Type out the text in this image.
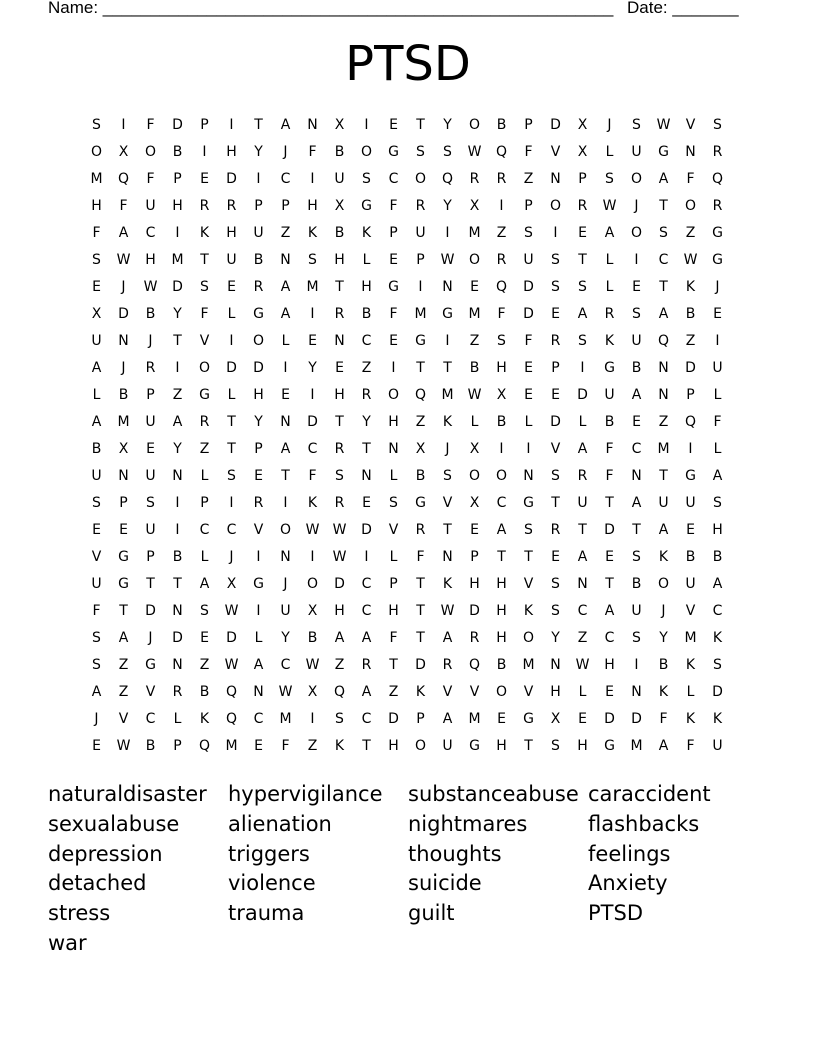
Name: ______________________________________________________ Date: _______
PTSD
S	I	F	D	P	I	T	A	N	X	I	E	T	Y	O	B	P	D	X	J	S	W	V	S
O	X	O	B	I	H	Y	J	F	B	O	G	S	S	W	Q	F	V	X	L	U	G	N	R
M	Q	F	P	E	D	I	C	I	U	S	C	O	Q	R	R	Z	N	P	S	O	A	F	Q
H	F	U	H	R	R	P	P	H	X	G	F	R	Y	X	I	P	O	R	W	J	T	O	R
F	A	C	I	K	H	U	Z	K	B	K	P	U	I	M	Z	S	I	E	A	O	S	Z	G
S	W	H	M	T	U	B	N	S	H	L	E	P	W	O	R	U	S	T	L	I	C	W	G
E	J	W	D	S	E	R	A	M	T	H	G	I	N	E	Q	D	S	S	L	E	T	K	J
X	D	B	Y	F	L	G	A	I	R	B	F	M	G	M	F	D	E	A	R	S	A	B	E
U	N	J	T	V	I	O	L	E	N	C	E	G	I	Z	S	F	R	S	K	U	Q	Z	I
A	J	R	I	O	D	D	I	Y	E	Z	I	T	T	B	H	E	P	I	G	B	N	D	U
L	B	P	Z	G	L	H	E	I	H	R	O	Q	M	W	X	E	E	D	U	A	N	P	L
A	M	U	A	R	T	Y	N	D	T	Y	H	Z	K	L	B	L	D	L	B	E	Z	Q	F
B	X	E	Y	Z	T	P	A	C	R	T	N	X	J	X	I	I	V	A	F	C	M	I	L
U	N	U	N	L	S	E	T	F	S	N	L	B	S	O	O	N	S	R	F	N	T	G	A
S	P	S	I	P	I	R	I	K	R	E	S	G	V	X	C	G	T	U	T	A	U	U	S
E	E	U	I	C	C	V	O	W W	D	V	R	T	E	A	S	R	T	D	T	A	E	H
V	G	P	B	L	J	I	N	I	W	I	L	F	N	P	T	T	E	A	E	S	K	B	B
U	G	T	T	A	X	G	J	O	D	C	P	T	K	H	H	V	S	N	T	B	O	U	A
F	T	D	N	S	W	I	U	X	H	C	H	T	W	D	H	K	S	C	A	U	J	V	C
S	A	J	D	E	D	L	Y	B	A	A	F	T	A	R	H	O	Y	Z	C	S	Y	M	K
S	Z	G	N	Z	W	A	C	W	Z	R	T	D	R	Q	B	M	N	W	H	I	B	K	S
A	Z	V	R	B	Q	N	W	X	Q	A	Z	K	V	V	O	V	H	L	E	N	K	L	D
J	V	C	L	K	Q	C	M	I	S	C	D	P	A	M	E	G	X	E	D	D	F	K	K
E	W	B	P	Q	M	E	F	Z	K	T	H	O	U	G	H	T	S	H	G	M	A	F	U
naturaldisaster	hypervigilance	substanceabuse caraccident
sexualabuse	alienation	nightmares	flashbacks
depression	triggers	thoughts	feelings
detached	violence	suicide	Anxiety
stress	trauma	guilt	PTSD
war
